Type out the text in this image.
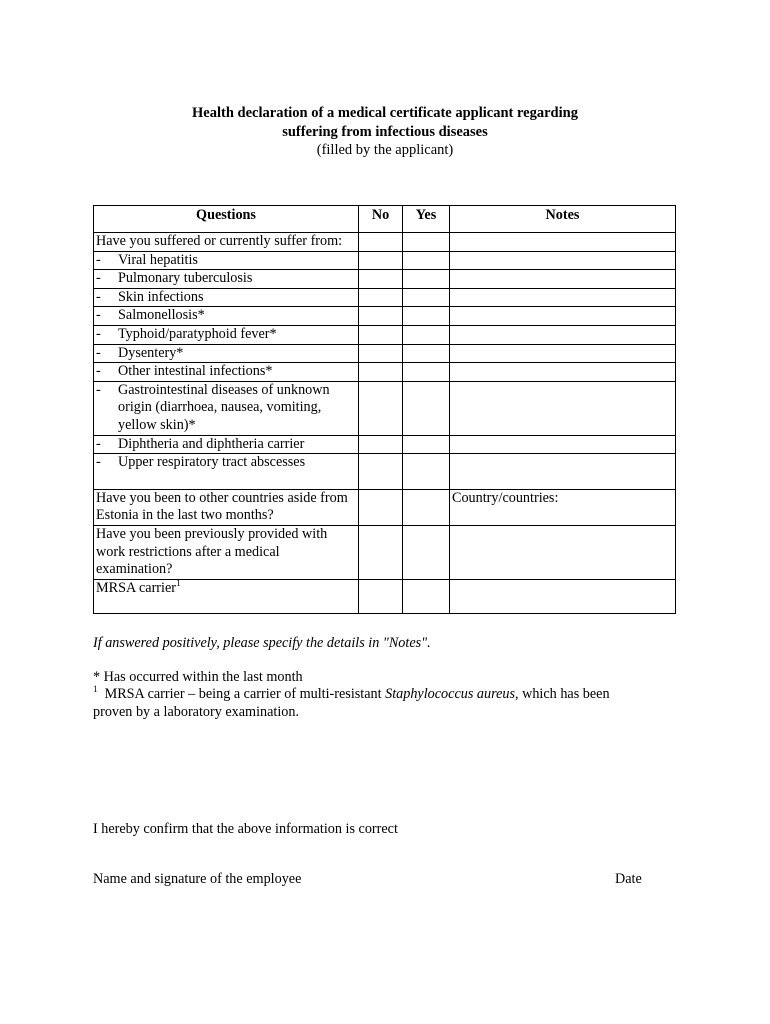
Health declaration of a medical certificate applicant regarding
suffering from infectious diseases
(filled by the applicant)
Questions	No	Yes	Notes
Have you suffered or currently suffer from:			

- Viral hepatitis			

- Pulmonary tuberculosis			

- Skin infections			

- Salmonellosis*			

- Typhoid/paratyphoid fever*			

- Dysentery*			

- Other intestinal infections*			

- Gastrointestinal diseases of unknown origin (diarrhoea, nausea, vomiting, yellow skin)*			

- Diphtheria and diphtheria carrier			

- Upper respiratory tract abscesses			

Have you been to other countries aside from Estonia in the last two months?			Country/countries:
Have you been previously provided with work restrictions after a medical examination?			
MRSA carrier$^1$			
If answered positively, please specify the details in "Notes".
* Has occurred within the last month
$^1$ MRSA carrier – being a carrier of multi-resistant Staphylococcus aureus, which has been proven by a laboratory examination.
I hereby confirm that the above information is correct
Name and signature of the employee	Date
